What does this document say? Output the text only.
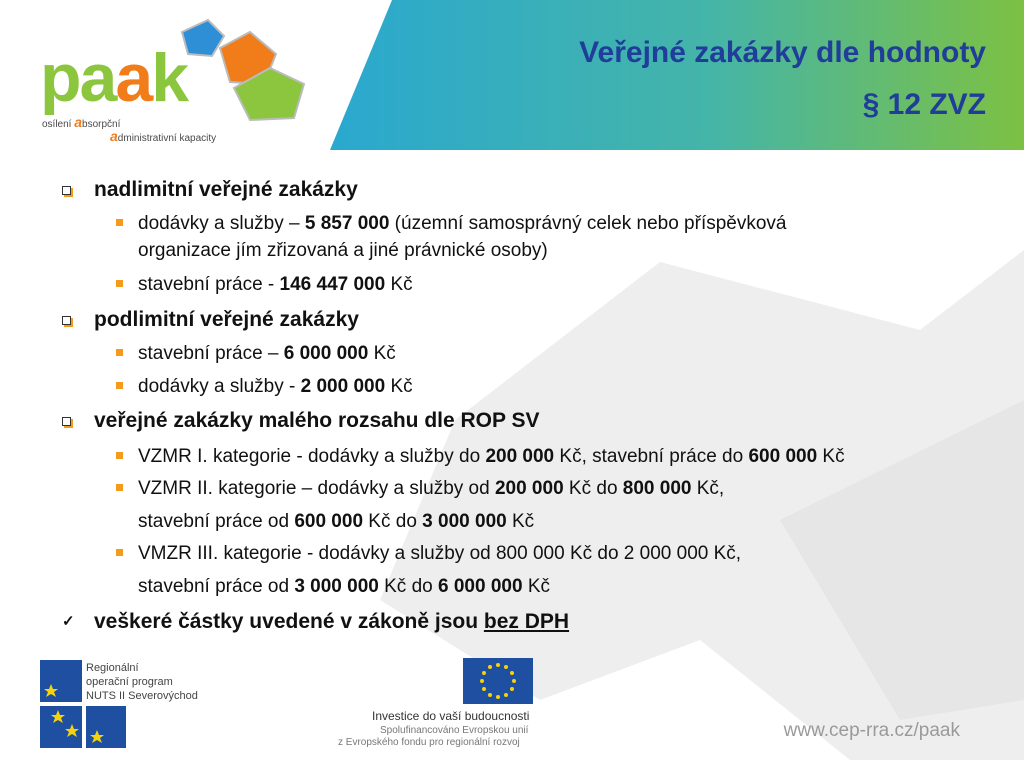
paak
osílení absorpční
administrativní kapacity
Veřejné zakázky dle hodnoty
§ 12 ZVZ
nadlimitní veřejné zakázky
dodávky a služby – 5 857 000 (územní samosprávný celek nebo příspěvková
organizace jím zřizovaná a jiné právnické osoby)
stavební práce - 146 447 000 Kč
podlimitní veřejné zakázky
stavební práce – 6 000 000 Kč
dodávky a služby - 2 000 000 Kč
veřejné zakázky malého rozsahu dle ROP SV
VZMR I. kategorie - dodávky a služby do 200 000 Kč, stavební práce do 600 000 Kč
VZMR II. kategorie – dodávky a služby od 200 000 Kč do 800 000 Kč,
stavební práce od 600 000 Kč do 3 000 000 Kč
VMZR III. kategorie - dodávky a služby od 800 000 Kč do 2 000 000 Kč,
stavební práce od 3 000 000 Kč do 6 000 000 Kč
✓ veškeré částky uvedené v zákoně jsou bez DPH
Regionální
operační program
NUTS II Severovýchod
Investice do vaší budoucnosti
Spolufinancováno Evropskou unií
z Evropského fondu pro regionální rozvoj
www.cep-rra.cz/paak
